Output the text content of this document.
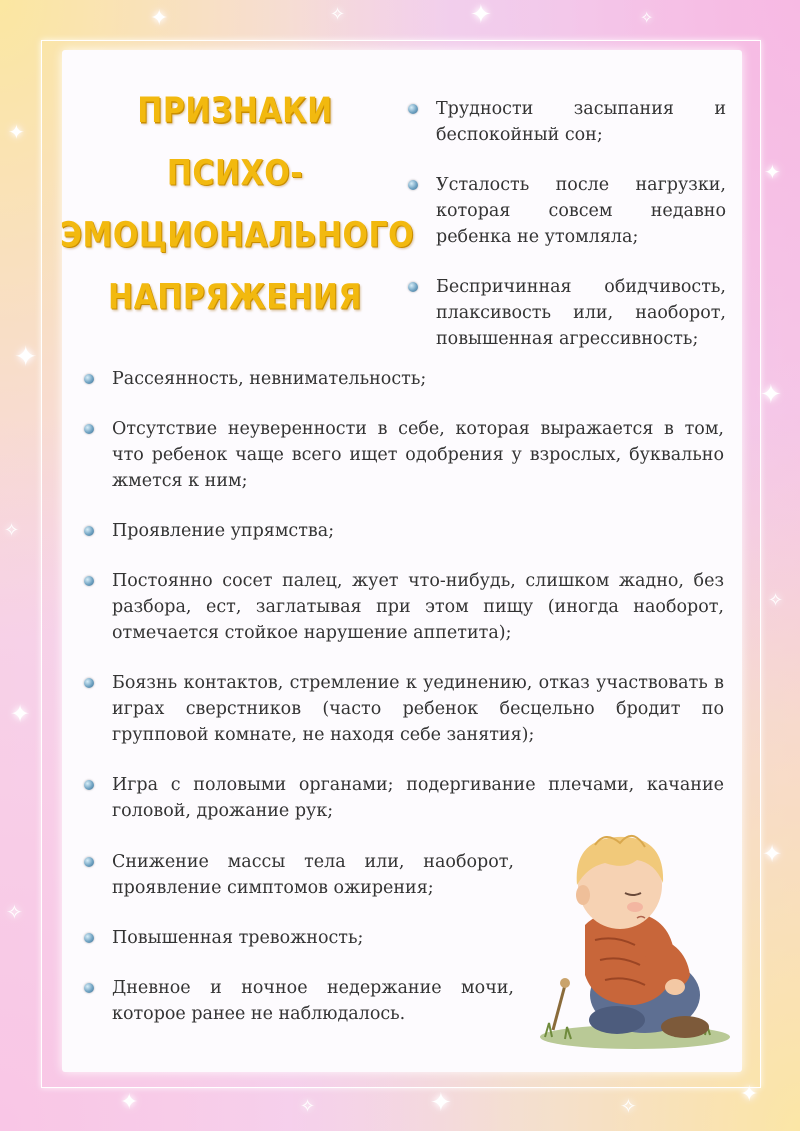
✦	✧	✦	✧
✦
✦
✧
✦
✧
✦
✦
✧
✦
✦	✧	✦	✧	✦
ПРИЗНАКИ
ПСИХО-
ЭМОЦИОНАЛЬНОГО
НАПРЯЖЕНИЯ
Трудности засыпания и беспокойный сон;
Усталость после нагрузки, которая совсем недавно ребенка не утомляла;
Беспричинная обидчивость, плаксивость или, наоборот, повышенная агрессивность;
Рассеянность, невнимательность;
Отсутствие неуверенности в себе, которая выражается в том, что ребенок чаще всего ищет одобрения у взрослых, буквально жмется к ним;
Проявление упрямства;
Постоянно сосет палец, жует что-нибудь, слишком жадно, без разбора, ест, заглатывая при этом пищу (иногда наоборот, отмечается стойкое нарушение аппетита);
Боязнь контактов, стремление к уединению, отказ участвовать в играх сверстников (часто ребенок бесцельно бродит по групповой комнате, не находя себе занятия);
Игра с половыми органами; подергивание плечами, качание головой, дрожание рук;
Снижение массы тела или, наоборот, проявление симптомов ожирения;
Повышенная тревожность;
Дневное и ночное недержание мочи, которое ранее не наблюдалось.
